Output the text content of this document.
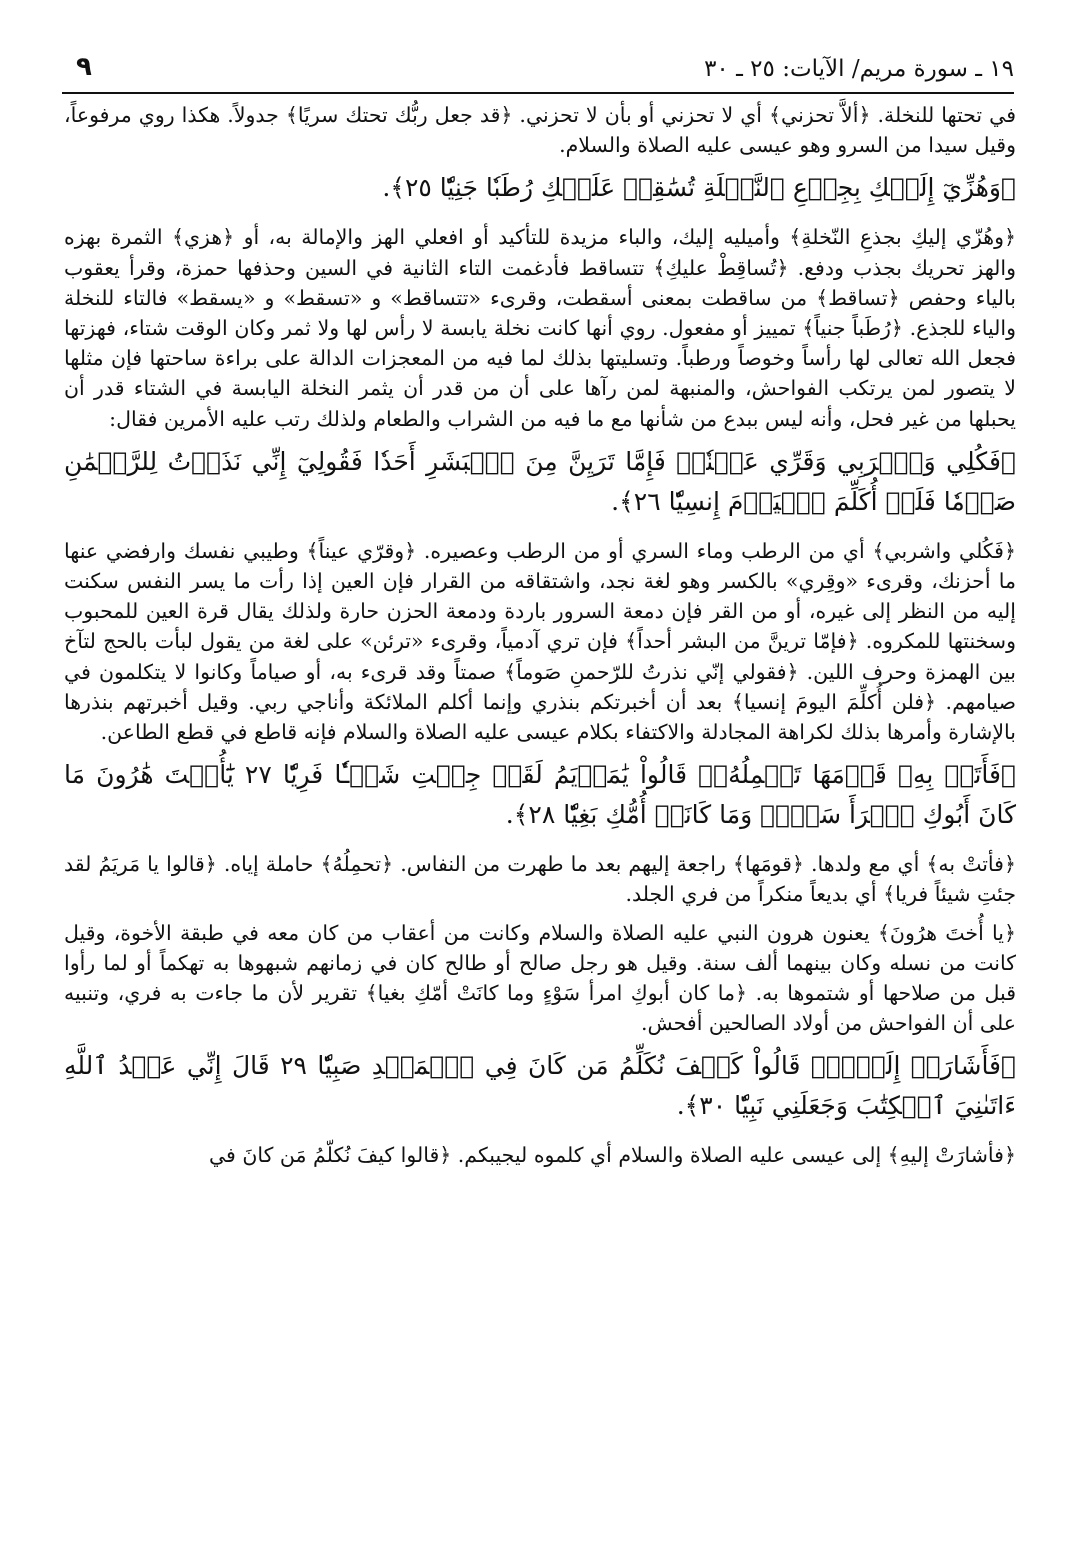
١٩ ـ سورة مريم/ الآيات: ٢٥ ـ ٣٠
٩

في تحتها للنخلة. ﴿ألاَّ تحزني﴾ أي لا تحزني أو بأن لا تحزني. ﴿قد جعل ربُّك تحتك سريًا﴾ جدولاً. هكذا روي مرفوعاً، وقيل سيدا من السرو وهو عيسى عليه الصلاة والسلام.

﴿وَهُزِّيٓ إِلَيۡكِ بِجِذۡعِ ٱلنَّخۡلَةِ تُسَٰقِطۡ عَلَيۡكِ رُطَبٗا جَنِيّٗا ٢٥﴾.

﴿وهُزّي إليكِ بجذعِ النّخلةِ﴾ وأميليه إليك، والباء مزيدة للتأكيد أو افعلي الهز والإمالة به، أو ﴿هزي﴾ الثمرة بهزه والهز تحريك بجذب ودفع. ﴿تُساقِطْ عليكِ﴾ تتساقط فأدغمت التاء الثانية في السين وحذفها حمزة، وقرأ يعقوب بالياء وحفص ﴿تساقط﴾ من ساقطت بمعنى أسقطت، وقرىء «تتساقط» و «تسقط» و «يسقط» فالتاء للنخلة والياء للجذع. ﴿رُطَباً جنياً﴾ تمييز أو مفعول. روي أنها كانت نخلة يابسة لا رأس لها ولا ثمر وكان الوقت شتاء، فهزتها فجعل الله تعالى لها رأساً وخوصاً ورطباً. وتسليتها بذلك لما فيه من المعجزات الدالة على براءة ساحتها فإن مثلها لا يتصور لمن يرتكب الفواحش، والمنبهة لمن رآها على أن من قدر أن يثمر النخلة اليابسة في الشتاء قدر أن يحبلها من غير فحل، وأنه ليس ببدع من شأنها مع ما فيه من الشراب والطعام ولذلك رتب عليه الأمرين فقال:

﴿فَكُلِي وَٱشۡرَبِي وَقَرِّي عَيۡنٗاۖ فَإِمَّا تَرَيِنَّ مِنَ ٱلۡبَشَرِ أَحَدٗا فَقُولِيٓ إِنِّي نَذَرۡتُ لِلرَّحۡمَٰنِ صَوۡمٗا فَلَنۡ أُكَلِّمَ ٱلۡيَوۡمَ إِنسِيّٗا ٢٦﴾.

﴿فَكُلي واشربي﴾ أي من الرطب وماء السري أو من الرطب وعصيره. ﴿وقرّي عيناً﴾ وطيبي نفسك وارفضي عنها ما أحزنك، وقرىء «وقِري» بالكسر وهو لغة نجد، واشتقاقه من القرار فإن العين إذا رأت ما يسر النفس سكنت إليه من النظر إلى غيره، أو من القر فإن دمعة السرور باردة ودمعة الحزن حارة ولذلك يقال قرة العين للمحبوب وسخنتها للمكروه. ﴿فإمّا ترينَّ من البشر أحداً﴾ فإن تري آدمياً، وقرىء «ترئن» على لغة من يقول لبأت بالحج لتآخ بين الهمزة وحرف اللين. ﴿فقولي إنّي نذرتُ للرّحمنِ صَوماً﴾ صمتاً وقد قرىء به، أو صياماً وكانوا لا يتكلمون في صيامهم. ﴿فلن أُكلِّمَ اليومَ إنسيا﴾ بعد أن أخبرتكم بنذري وإنما أكلم الملائكة وأناجي ربي. وقيل أخبرتهم بنذرها بالإشارة وأمرها بذلك لكراهة المجادلة والاكتفاء بكلام عيسى عليه الصلاة والسلام فإنه قاطع في قطع الطاعن.

﴿فَأَتَتۡ بِهِۦ قَوۡمَهَا تَحۡمِلُهُۥۖ قَالُواْ يَٰمَرۡيَمُ لَقَدۡ جِئۡتِ شَيۡـٔٗا فَرِيّٗا ٢٧ يَٰٓأُخۡتَ هَٰرُونَ مَا كَانَ أَبُوكِ ٱمۡرَأَ سَوۡءٖ وَمَا كَانَتۡ أُمُّكِ بَغِيّٗا ٢٨﴾.

﴿فأتتْ به﴾ أي مع ولدها. ﴿قومَها﴾ راجعة إليهم بعد ما طهرت من النفاس. ﴿تحمِلُهُ﴾ حاملة إياه. ﴿قالوا يا مَريَمُ لقد جئتِ شيئاً فريا﴾ أي بديعاً منكراً من فري الجلد.

﴿يا أُختَ هرُونَ﴾ يعنون هرون النبي عليه الصلاة والسلام وكانت من أعقاب من كان معه في طبقة الأخوة، وقيل كانت من نسله وكان بينهما ألف سنة. وقيل هو رجل صالح أو طالح كان في زمانهم شبهوها به تهكماً أو لما رأوا قبل من صلاحها أو شتموها به. ﴿ما كان أبوكِ امرأ سَوْءٍ وما كانَتْ أمّكِ بغيا﴾ تقرير لأن ما جاءت به فري، وتنبيه على أن الفواحش من أولاد الصالحين أفحش.

﴿فَأَشَارَتۡ إِلَيۡهِۖ قَالُواْ كَيۡفَ نُكَلِّمُ مَن كَانَ فِي ٱلۡمَهۡدِ صَبِيّٗا ٢٩ قَالَ إِنِّي عَبۡدُ ٱللَّهِ ءَاتَىٰنِيَ ٱلۡكِتَٰبَ وَجَعَلَنِي نَبِيّٗا ٣٠﴾.

﴿فأشارَتْ إليهِ﴾ إلى عيسى عليه الصلاة والسلام أي كلموه ليجيبكم. ﴿قالوا كيفَ نُكلّمُ مَن كانَ في
